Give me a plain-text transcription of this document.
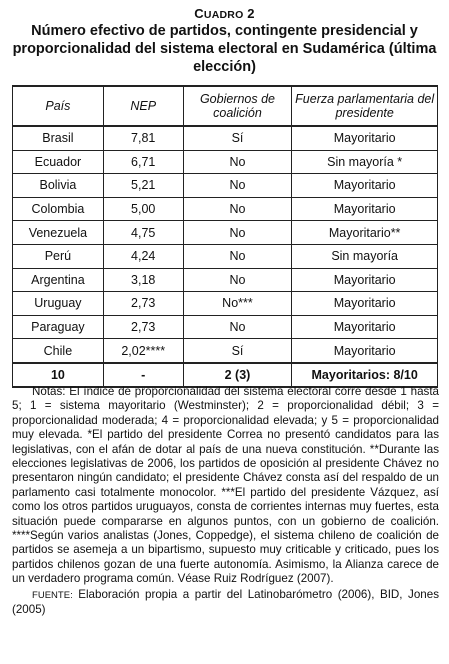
CUADRO 2
Número efectivo de partidos, contingente presidencial y proporcionalidad del sistema electoral en Sudamérica (última elección)
País	NEP	Gobiernos de coalición	Fuerza parlamentaria del presidente
Brasil	7,81	Sí	Mayoritario
Ecuador	6,71	No	Sin mayoría *
Bolivia	5,21	No	Mayoritario
Colombia	5,00	No	Mayoritario
Venezuela	4,75	No	Mayoritario**
Perú	4,24	No	Sin mayoría
Argentina	3,18	No	Mayoritario
Uruguay	2,73	No***	Mayoritario
Paraguay	2,73	No	Mayoritario
Chile	2,02****	Sí	Mayoritario
10	-	2 (3)	Mayoritarios: 8/10

Notas: El índice de proporcionalidad del sistema electoral corre desde 1 hasta 5; 1 = sistema mayoritario (Westminster); 2 = proporcionalidad débil; 3 = proporcionalidad moderada; 4 = proporcionalidad elevada; y 5 = proporcionalidad muy elevada. *El partido del presidente Correa no presentó candidatos para las legislativas, con el afán de dotar al país de una nueva constitución. **Durante las elecciones legislativas de 2006, los partidos de oposición al presidente Chávez no presentaron ningún candidato; el presidente Chávez consta así del respaldo de un parlamento casi totalmente monocolor. ***El partido del presidente Vázquez, así como los otros partidos uruguayos, consta de corrientes internas muy fuertes, esta situación puede compararse en algunos puntos, con un gobierno de coalición. ****Según varios analistas (Jones, Coppedge), el sistema chileno de coalición de partidos se asemeja a un bipartismo, supuesto muy criticable y criticado, pues los partidos chilenos gozan de una fuerte autonomía. Asimismo, la Alianza carece de un verdadero programa común. Véase Ruiz Rodríguez (2007).

FUENTE: Elaboración propia a partir del Latinobarómetro (2006), BID, Jones (2005)
